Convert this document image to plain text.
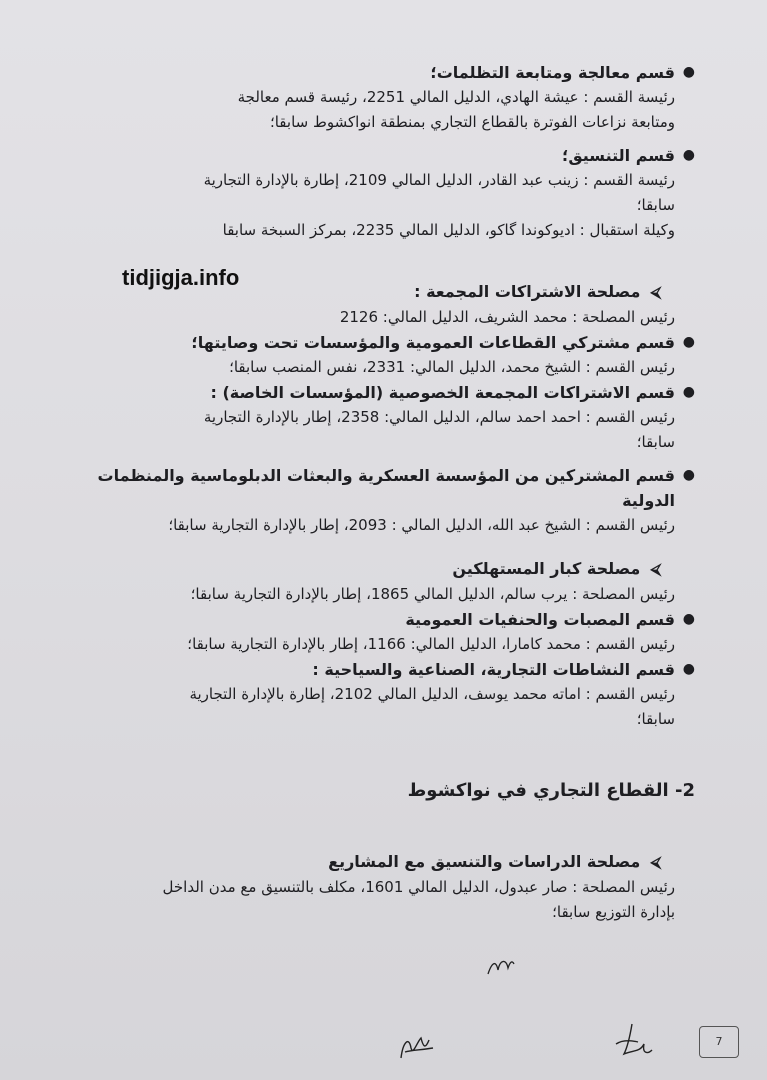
●
قسم معالجة ومتابعة التظلمات؛
رئيسة القسم : عيشة الهادي، الدليل المالي 2251، رئيسة قسم معالجة
ومتابعة نزاعات الفوترة بالقطاع التجاري بمنطقة انواكشوط سابقا؛
●
قسم التنسيق؛
رئيسة القسم : زينب عبد القادر، الدليل المالي 2109، إطارة بالإدارة التجارية
سابقا؛
وكيلة استقبال : اديوكوندا گاكو، الدليل المالي 2235، بمركز السبخة سابقا
⮘مصلحة الاشتراكات المجمعة :
رئيس المصلحة : محمد الشريف، الدليل المالي: 2126
●
قسم مشتركي القطاعات العمومية والمؤسسات تحت وصايتها؛
رئيس القسم : الشيخ محمد، الدليل المالي: 2331، نفس المنصب سابقا؛
●
قسم الاشتراكات المجمعة الخصوصية (المؤسسات الخاصة) :
رئيس القسم : احمد احمد سالم، الدليل المالي: 2358، إطار بالإدارة التجارية
سابقا؛
●
قسم المشتركين من المؤسسة العسكرية والبعثات الدبلوماسية والمنظمات الدولية
رئيس القسم : الشيخ عبد الله، الدليل المالي : 2093، إطار بالإدارة التجارية سابقا؛
⮘مصلحة كبار المستهلكين
رئيس المصلحة : يرب سالم، الدليل المالي 1865، إطار بالإدارة التجارية سابقا؛
●
قسم المصبات والحنفيات العمومية
رئيس القسم : محمد كامارا، الدليل المالي: 1166، إطار بالإدارة التجارية سابقا؛
●
قسم النشاطات التجارية، الصناعية والسياحية :
رئيس القسم : اماته محمد يوسف، الدليل المالي 2102، إطارة بالإدارة التجارية
سابقا؛
2- القطاع التجاري في نواكشوط
⮘مصلحة الدراسات والتنسيق مع المشاريع
رئيس المصلحة : صار عبدول، الدليل المالي 1601، مكلف بالتنسيق مع مدن الداخل
بإدارة التوزيع سابقا؛
tidjigja.info
7
